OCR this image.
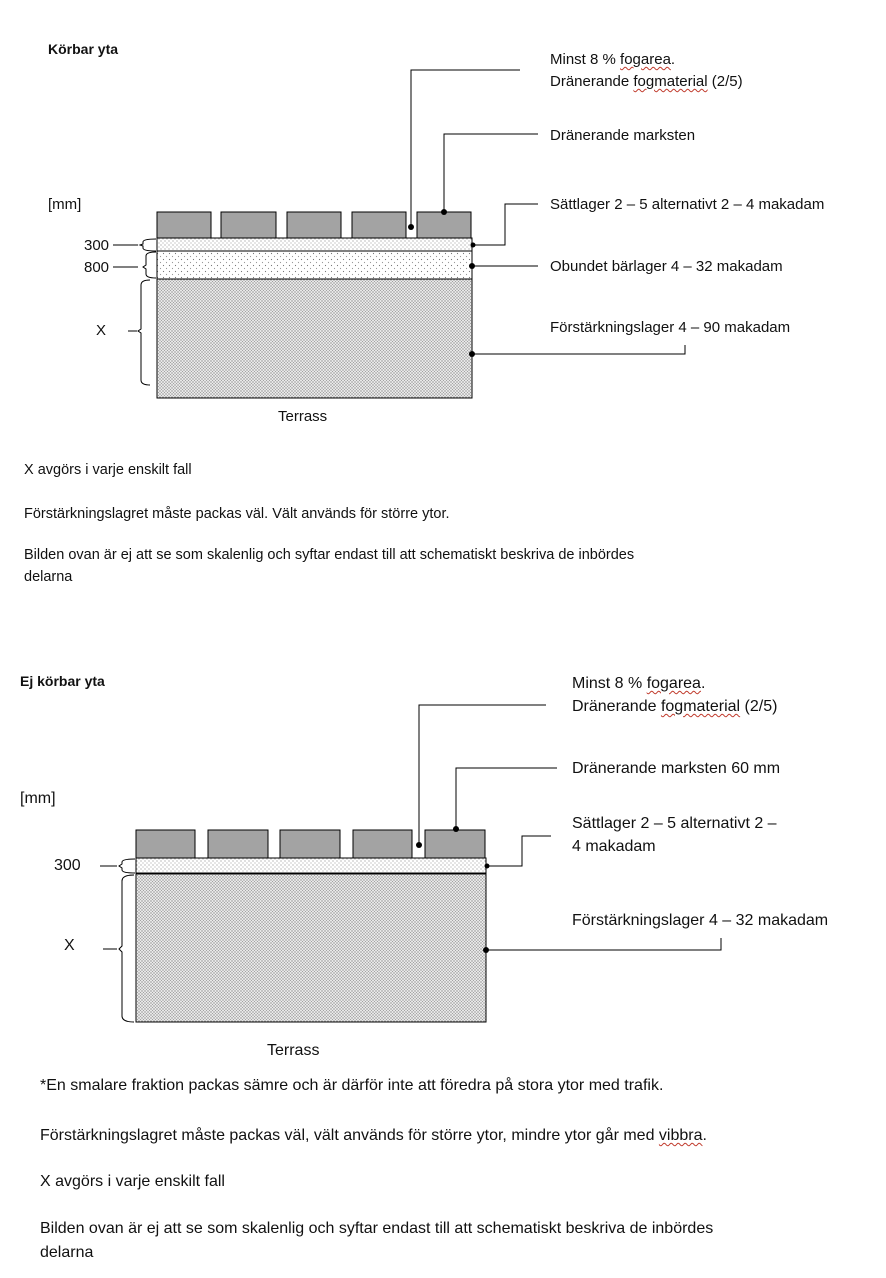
Körbar yta
[mm]
300
800
X
Minst 8 % fogarea.
Dränerande fogmaterial (2/5)
Dränerande marksten
Sättlager 2 – 5 alternativt 2 – 4 makadam
Obundet bärlager 4 – 32 makadam
Förstärkningslager 4 – 90 makadam
Terrass
X avgörs i varje enskilt fall
Förstärkningslagret måste packas väl. Vält används för större ytor.
Bilden ovan är ej att se som skalenlig och syftar endast till att schematiskt beskriva de inbördes
delarna
Ej körbar yta
[mm]
300
X
Minst 8 % fogarea.
Dränerande fogmaterial (2/5)
Dränerande marksten 60 mm
Sättlager 2 – 5 alternativt 2 –
4 makadam
Förstärkningslager 4 – 32 makadam
Terrass
*En smalare fraktion packas sämre och är därför inte att föredra på stora ytor med trafik.
Förstärkningslagret måste packas väl, vält används för större ytor, mindre ytor går med vibbra.
X avgörs i varje enskilt fall
Bilden ovan är ej att se som skalenlig och syftar endast till att schematiskt beskriva de inbördes
delarna
